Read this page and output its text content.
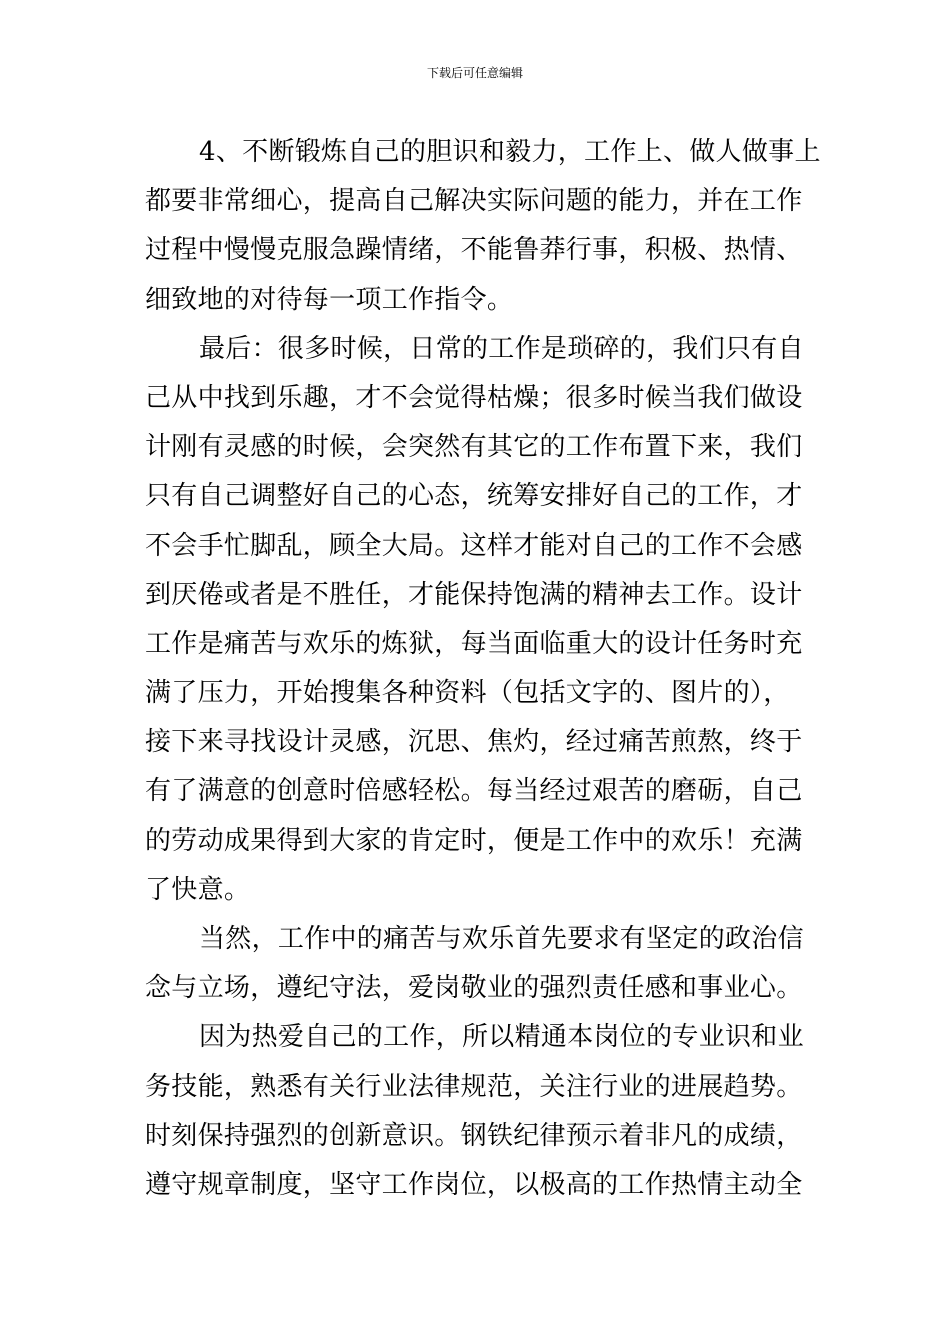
下载后可任意编辑
4、不断锻炼自己的胆识和毅力，工作上、做人做事上
都要非常细心，提高自己解决实际问题的能力，并在工作
过程中慢慢克服急躁情绪，不能鲁莽行事，积极、热情、
细致地的对待每一项工作指令。
最后：很多时候，日常的工作是琐碎的，我们只有自
己从中找到乐趣，才不会觉得枯燥；很多时候当我们做设
计刚有灵感的时候，会突然有其它的工作布置下来，我们
只有自己调整好自己的心态，统筹安排好自己的工作，才
不会手忙脚乱，顾全大局。这样才能对自己的工作不会感
到厌倦或者是不胜任，才能保持饱满的精神去工作。设计
工作是痛苦与欢乐的炼狱，每当面临重大的设计任务时充
满了压力，开始搜集各种资料（包括文字的、图片的），
接下来寻找设计灵感，沉思、焦灼，经过痛苦煎熬，终于
有了满意的创意时倍感轻松。每当经过艰苦的磨砺，自己
的劳动成果得到大家的肯定时，便是工作中的欢乐！充满
了快意。
当然，工作中的痛苦与欢乐首先要求有坚定的政治信
念与立场，遵纪守法，爱岗敬业的强烈责任感和事业心。
因为热爱自己的工作，所以精通本岗位的专业识和业
务技能，熟悉有关行业法律规范，关注行业的进展趋势。
时刻保持强烈的创新意识。钢铁纪律预示着非凡的成绩，
遵守规章制度，坚守工作岗位，以极高的工作热情主动全
